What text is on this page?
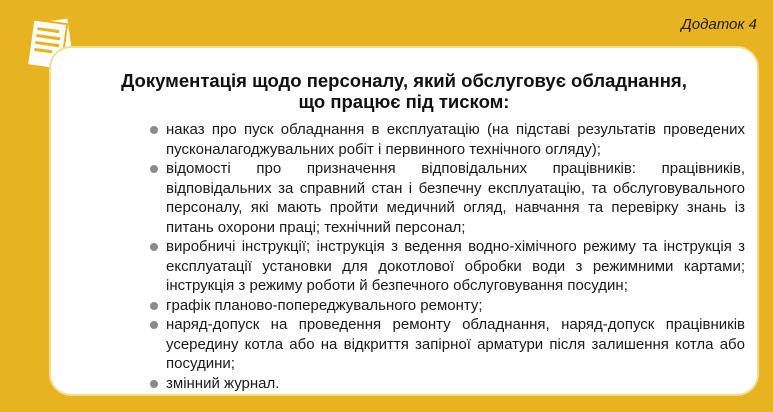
Додаток 4
Документація щодо персоналу, який обслуговує обладнання,
що працює під тиском:
наказ про пуск обладнання в експлуатацію (на підставі результатів проведених пусконалагоджувальних робіт і первинного технічного огляду);
відомості про призначення відповідальних працівників: працівників, відповідальних за справний стан і безпечну експлуатацію, та обслуговувального персоналу, які мають пройти медичний огляд, навчання та перевірку знань із питань охорони праці; технічний персонал;
виробничі інструкції; інструкція з ведення водно-хімічного режиму та інструкція з експлуатації установки для докотлової обробки води з режимними картами; інструкція з режиму роботи й безпечного обслуговування посудин;
графік планово-попереджувального ремонту;
наряд-допуск на проведення ремонту обладнання, наряд-допуск працівників усередину котла або на відкриття запірної арматури після залишення котла або посудини;
змінний журнал.
